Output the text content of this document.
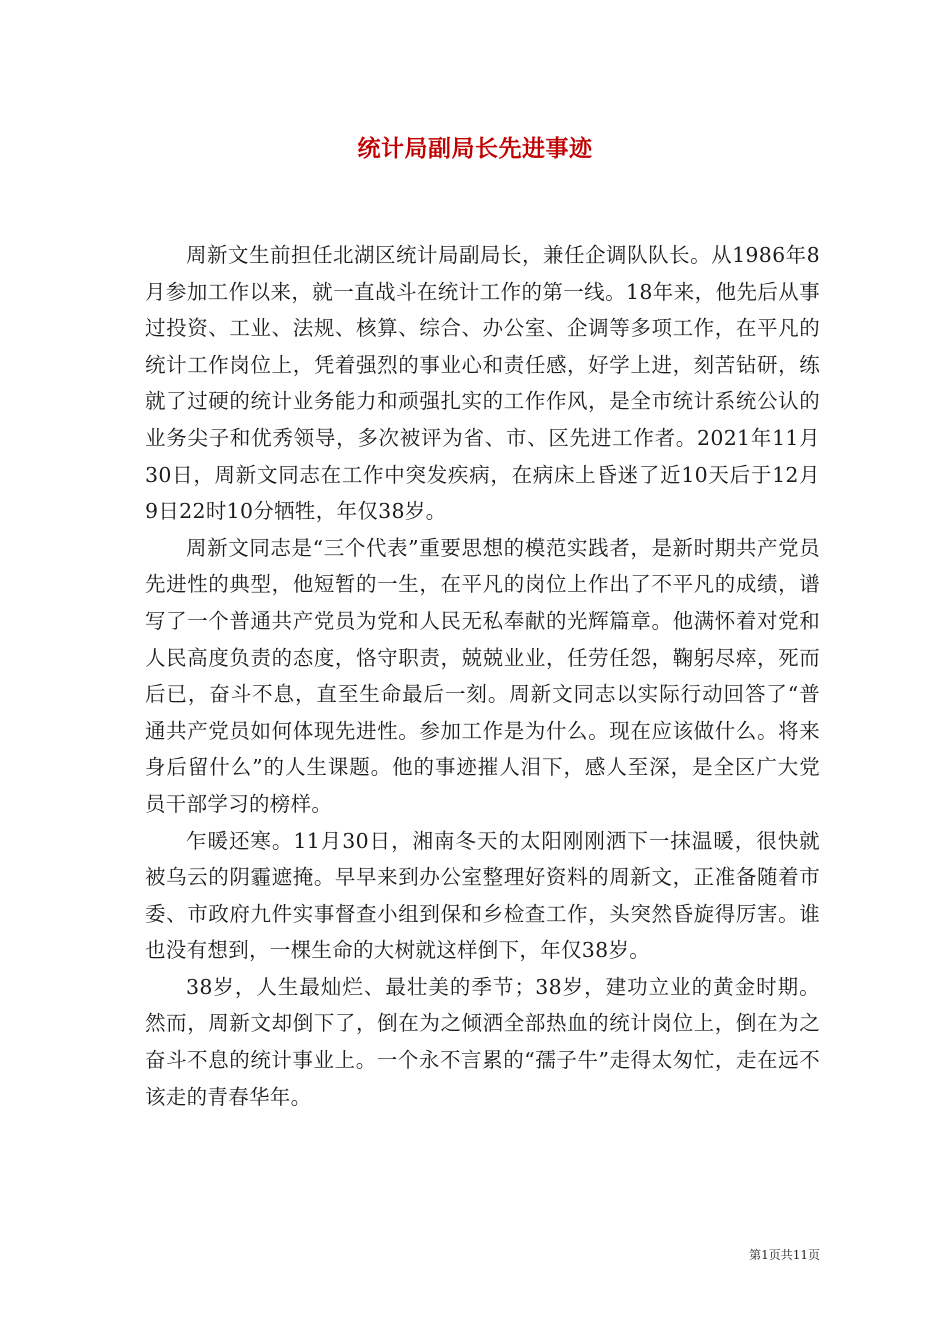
统计局副局长先进事迹

周新文生前担任北湖区统计局副局长，兼任企调队队长。从1986年8月参加工作以来，就一直战斗在统计工作的第一线。18年来，他先后从事过投资、工业、法规、核算、综合、办公室、企调等多项工作，在平凡的统计工作岗位上，凭着强烈的事业心和责任感，好学上进，刻苦钻研，练就了过硬的统计业务能力和顽强扎实的工作作风，是全市统计系统公认的业务尖子和优秀领导，多次被评为省、市、区先进工作者。2021年11月30日，周新文同志在工作中突发疾病，在病床上昏迷了近10天后于12月9日22时10分牺牲，年仅38岁。

周新文同志是“三个代表”重要思想的模范实践者，是新时期共产党员先进性的典型，他短暂的一生，在平凡的岗位上作出了不平凡的成绩，谱写了一个普通共产党员为党和人民无私奉献的光辉篇章。他满怀着对党和人民高度负责的态度，恪守职责，兢兢业业，任劳任怨，鞠躬尽瘁，死而后已，奋斗不息，直至生命最后一刻。周新文同志以实际行动回答了“普通共产党员如何体现先进性。参加工作是为什么。现在应该做什么。将来身后留什么”的人生课题。他的事迹摧人泪下，感人至深，是全区广大党员干部学习的榜样。

乍暖还寒。11月30日，湘南冬天的太阳刚刚洒下一抹温暖，很快就被乌云的阴霾遮掩。早早来到办公室整理好资料的周新文，正准备随着市委、市政府九件实事督查小组到保和乡检查工作，头突然昏旋得厉害。谁也没有想到，一棵生命的大树就这样倒下，年仅38岁。

38岁，人生最灿烂、最壮美的季节；38岁，建功立业的黄金时期。然而，周新文却倒下了，倒在为之倾洒全部热血的统计岗位上，倒在为之奋斗不息的统计事业上。一个永不言累的“孺子牛”走得太匆忙，走在远不该走的青春华年。

第1页共11页
